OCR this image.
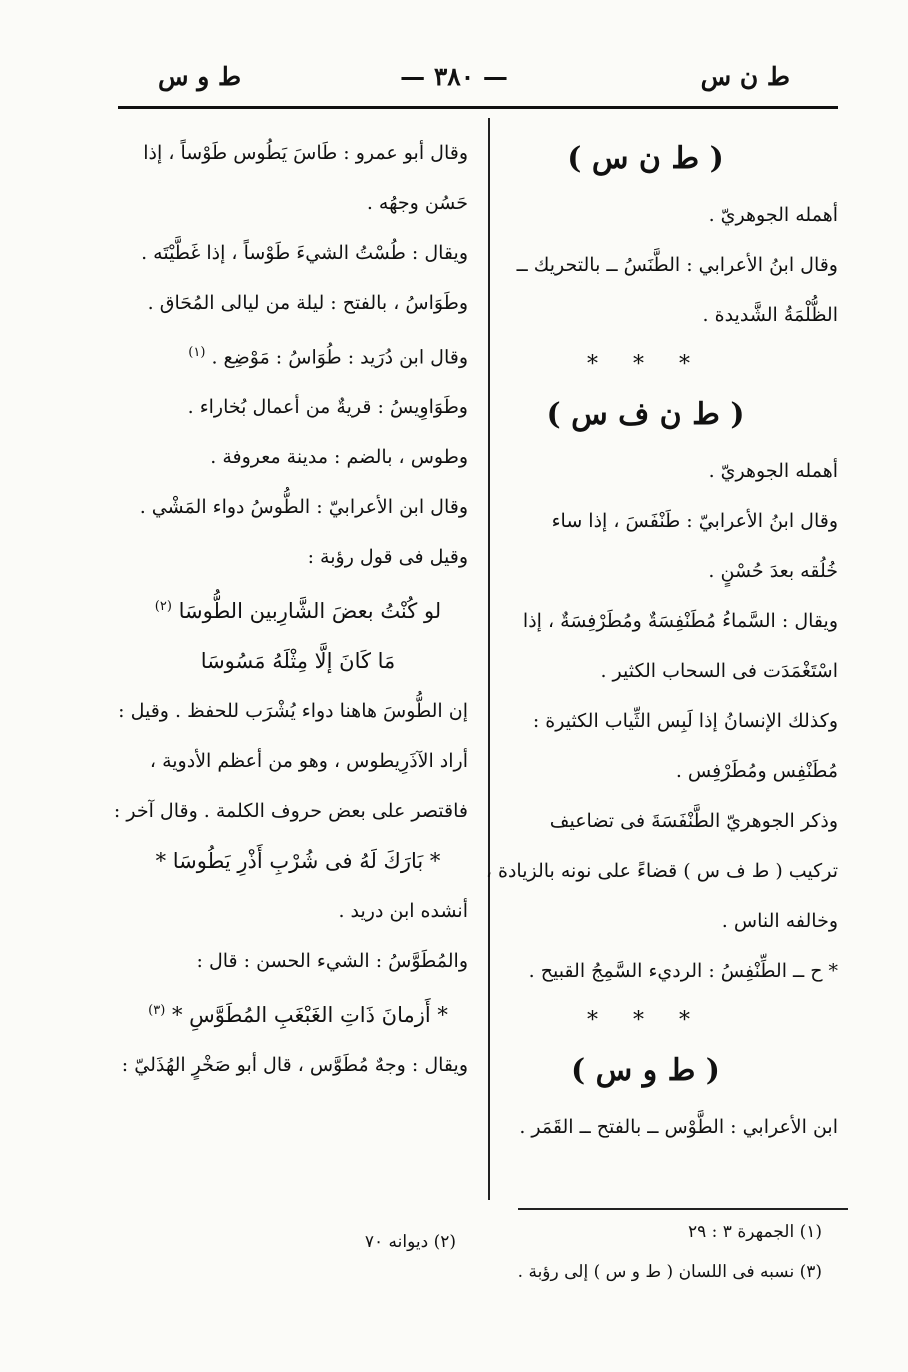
ط ن س
— ٣٨٠ —
ط و س
( ط ن س )
أهمله الجوهريّ .
وقال ابنُ الأعرابي : الطَّنَسُ ــ بالتحريك ــ
الظُّلْمَةُ الشَّديدة .
* * *
( ط ن ف س )
أهمله الجوهريّ .
وقال ابنُ الأعرابيّ : طَنْفَسَ ، إذا ساء
خُلُقه بعدَ حُسْنٍ .
ويقال : السَّماءُ مُطَنْفِسَةٌ ومُطَرْفِسَةٌ ، إذا
اسْتَغْمَدَت فى السحاب الكثير .
وكذلك الإنسانُ إذا لَبِس الثِّياب الكثيرة :
مُطَنْفِس ومُطَرْفِس .
وذكر الجوهريّ الطَّنْفَسَةَ فى تضاعيف
تركيب ( ط ف س ) قضاءً على نونه بالزيادة ،
وخالفه الناس .
* ح ــ الطِّنْفِسُ : الرديء السَّمِجُ القبيح .
* * *
( ط و س )
ابن الأعرابي : الطَّوْس ــ بالفتح ــ القَمَر .
وقال أبو عمرو : طَاسَ يَطُوس طَوْساً ، إذا
حَسُن وجهُه .
ويقال : طُسْتُ الشيءَ طَوْساً ، إذا غَطَّيْتَه .
وطَوَاسُ ، بالفتح : ليلة من ليالى المُحَاق .
وقال ابن دُرَيد : طُوَاسُ : مَوْضِع . $^{(١)}$
وطَوَاوِيسُ : قريةٌ من أعمال بُخاراء .
وطوس ، بالضم : مدينة معروفة .
وقال ابن الأعرابيّ : الطُّوسُ دواء المَشْي .
وقيل فى قول رؤبة :
لو كُنْتُ بعضَ الشَّارِبين الطُّوسَا $^{(٢)}$
مَا كَانَ إلَّا مِثْلَهُ مَسُوسَا
إن الطُّوسَ هاهنا دواء يُشْرَب للحفظ . وقيل :
أراد الآذَرِيطوس ، وهو من أعظم الأدوية ،
فاقتصر على بعض حروف الكلمة . وقال آخر :
* بَارَكَ لَهُ فى شُرْبِ أَذْرِ يَطُوسَا *
أنشده ابن دريد .
والمُطَوَّسُ : الشيء الحسن : قال :
* أَزمانَ ذَاتِ الغَبْغَبِ المُطَوَّسِ * $^{(٣)}$
ويقال : وجهٌ مُطَوَّس ، قال أبو صَخْرٍ الهُذَليّ :
(١) الجمهرة ٣ : ٢٩
(٢) ديوانه ٧٠
(٣) نسبه فى اللسان ( ط و س ) إلى رؤبة .
